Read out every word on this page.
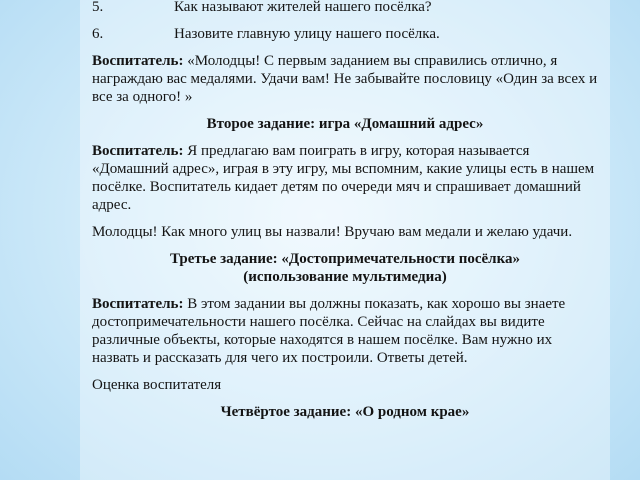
5.	Как называют жителей нашего посёлка?
6.	Назовите главную улицу нашего посёлка.

Воспитатель: «Молодцы! С первым заданием вы справились отлично, я награждаю вас медалями. Удачи вам! Не забывайте пословицу «Один за всех и все за одного! »

Второе задание: игра «Домашний адрес»

Воспитатель: Я предлагаю вам поиграть в игру, которая называется «Домашний адрес», играя в эту игру, мы вспомним, какие улицы есть в нашем посёлке. Воспитатель кидает детям по очереди мяч и спрашивает домашний адрес.

Молодцы! Как много улиц вы назвали! Вручаю вам медали и желаю удачи.

Третье задание: «Достопримечательности посёлка»
(использование мультимедиа)

Воспитатель: В этом задании вы должны показать, как хорошо вы знаете достопримечательности нашего посёлка. Сейчас на слайдах вы видите различные объекты, которые находятся в нашем посёлке. Вам нужно их назвать и рассказать для чего их построили. Ответы детей.

Оценка воспитателя

Четвёртое задание: «О родном крае»
